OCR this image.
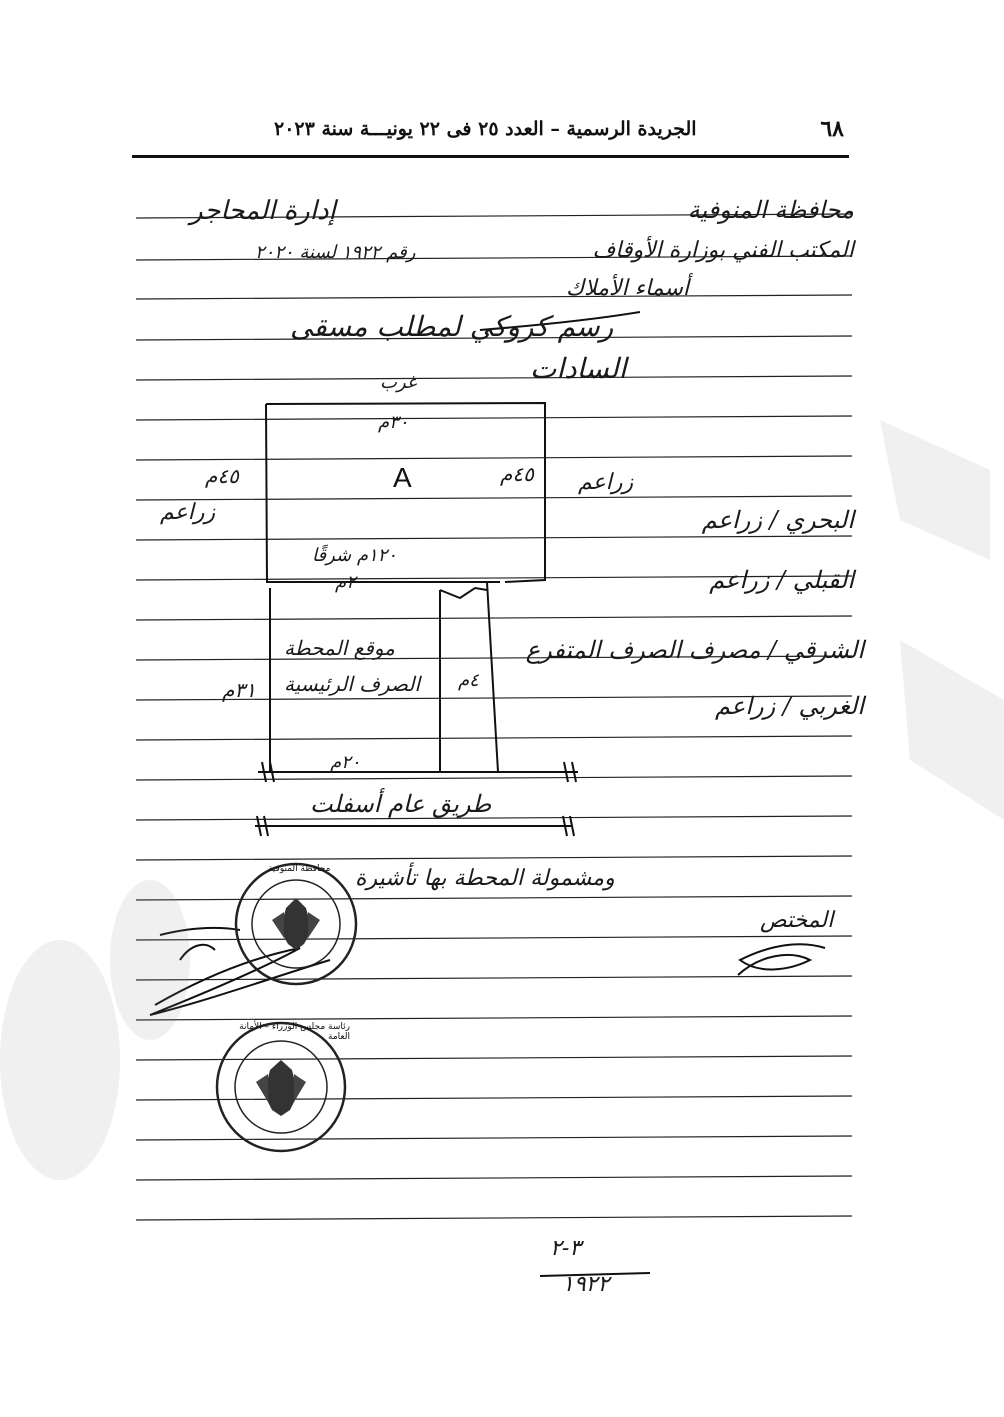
٦٨
الجريدة الرسمية – العدد ٢٥ فى ٢٢ يونيـــة سنة ٢٠٢٣
محافظة المنوفية
المكتب الفني بوزارة الأوقاف
أسماء الأملاك
إدارة المحاجر
رقم ١٩٢٢ لسنة ٢٠٢٠
رسم كروكي لمطلب مسقى
السادات
غرب
٣٠م
A
٤٥م	٤٥م
زراعم
زراعم
١٢٠م شرقًا
٢م
٣١م
موقع المحطة
الصرف الرئيسية ٤م
٢٠م
طريق عام أسفلت
البحري / زراعم
القبلي / زراعم
الشرقي / مصرف الصرف المتفرع
الغربي / زراعم
ومشمولة المحطة بها تأشيرة
المختص
٣-٢
١٩٢٢
محافظة المنوفية
رئاسة مجلس الوزراء – الأمانة العامة
